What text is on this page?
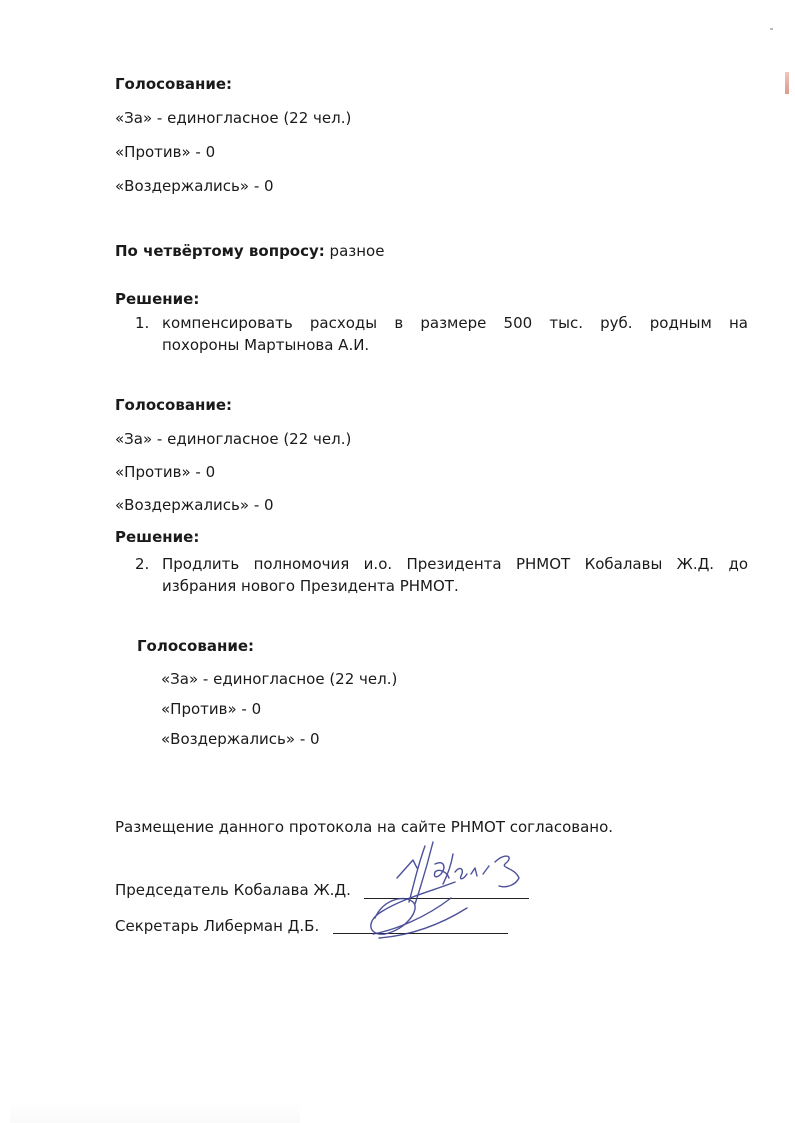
Голосование:
«За» - единогласное (22 чел.)
«Против» - 0
«Воздержались» - 0
По четвёртому вопросу: разное
Решение:
1. компенсировать расходы в размере 500 тыс. руб. родным на
похороны Мартынова А.И.
Голосование:
«За» - единогласное (22 чел.)
«Против» - 0
«Воздержались» - 0
Решение:
2. Продлить полномочия и.о. Президента РНМОТ Кобалавы Ж.Д. до
избрания нового Президента РНМОТ.
Голосование:
«За» - единогласное (22 чел.)
«Против» - 0
«Воздержались» - 0
Размещение данного протокола на сайте РНМОТ согласовано.
Председатель Кобалава Ж.Д.
Секретарь Либерман Д.Б.
